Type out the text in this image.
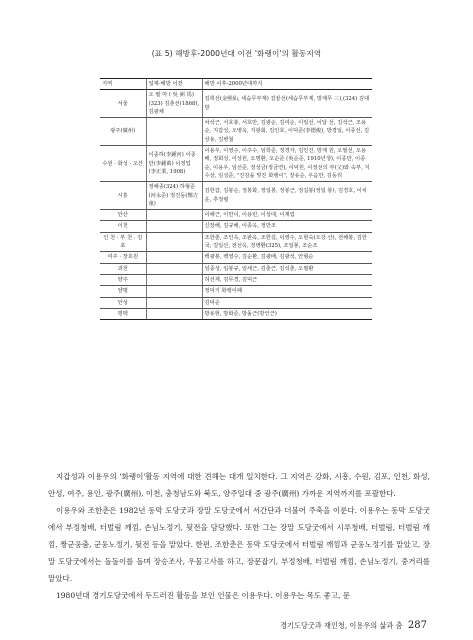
(표 5) 해방후-2000년대 이전 '화랭이'의 활동지역
지역	일제-해방 이전	해방 이후-2000년대까지
서울	오 필 마 ( 吳 弼 馬)(323) 김춘선(1868), 김광채	김희선(金熙仙, 세습무부계) 김끝선(세습무부계, 방재무 三),(324) 김대방
광주(廣州)		차석근, 서호봉, 서호만, 김광순, 김여순, 이일선, 이달 선, 김석근, 조용순, 지갑성, 오병옥, 지광회, 김인호, 이덕준(李德俊), 방경일, 이종선, 김상용, 김병철
수원 · 화성 · 오산	이종하(李鍾河) 이종만(李鍾萬) 이정업 (李正業, 1908)	이용우, 이영수, 이주수, 임학준, 정경자, 김인진, 방계 원, 오필선, 오용배, 정회성, 이상원, 오명환, 오순준 (吳순준, 1910년생), 이종만, 이종순, 이용우, 임선준, 정성금(정금연), 이덕원, 이정선의 부(父)와 숙부, 지 수상, 임성준, "진감을 빚진 화랭이", 장유순, 우음만, 김동리
시흥	정해종(324) 하형준(河永준) 정진동(鄭吉童)	김한갑, 김봉순, 정봉화, 정일봉, 정봉근, 정길봉(정일 봉), 김경호, 이치운, 추정렬
안산		이해근, 이만이, 이용빈, 이성대, 이재업
이천		신장해, 김규해, 이종옥, 정만조
인 천 · 부 천 · 김포		조한춘, 조인옥, 조판옥, 조한길, 이영수, 오현숙(오강 산), 전해봉, 김한국, 김일산, 전선옥, 정병환(325), 조일봉, 조순조
여주 · 장호원		백광봉, 백영수, 김순환, 김광배, 김광석, 안형순
과천		임종성, 임봉규, 임세근, 김춘근, 김석춘, 오필환
양주		허선재, 김무경, 김덕근
양평		정덕기 화랭이패
안성		김덕순
평택		방용현, 방화준, 방돌근(방인근)

지갑성과 이용우의 '화랭이'활동 지역에 대한 견해는 대개 일치한다. 그 지역은 강화, 시흥, 수원, 김포, 인천, 화성, 안성, 여주, 용인, 광주(廣州), 이천, 충청남도와 북도, 양주일대 중 광주(廣州) 가까운 지역까지를 포괄한다.

이용우와 조한춘은 1982년 동막 도당굿과 장말 도당굿에서 서간단과 더불어 주축을 이룬다. 이용우는 동막 도당굿에서 부정청배, 터벌림 깨낌, 손님노정기, 뒷전을 담당했다. 또한 그는 장말 도당굿에서 시루청배, 터벌림, 터벌림 깨낌, 짱군웅춤, 군웅노정기, 뒷전 등을 맡았다. 한편, 조한춘은 동막 도당굿에서 터벌림 깨낌과 군웅노정기를 맡았고, 장말 도당굿에서는 돌돌이를 돌며 장승조사, 우물고사를 하고, 장문잡기, 부정청배, 터벌림 깨낌, 손님노정기, 중거리를 맡았다.

1980년대 경기도당굿에서 두드러진 활동을 보인 인물은 이용우다. 이용우는 목도 좋고, 문

경기도당굿과 재인청, 이용우의 삶과 춤 287
